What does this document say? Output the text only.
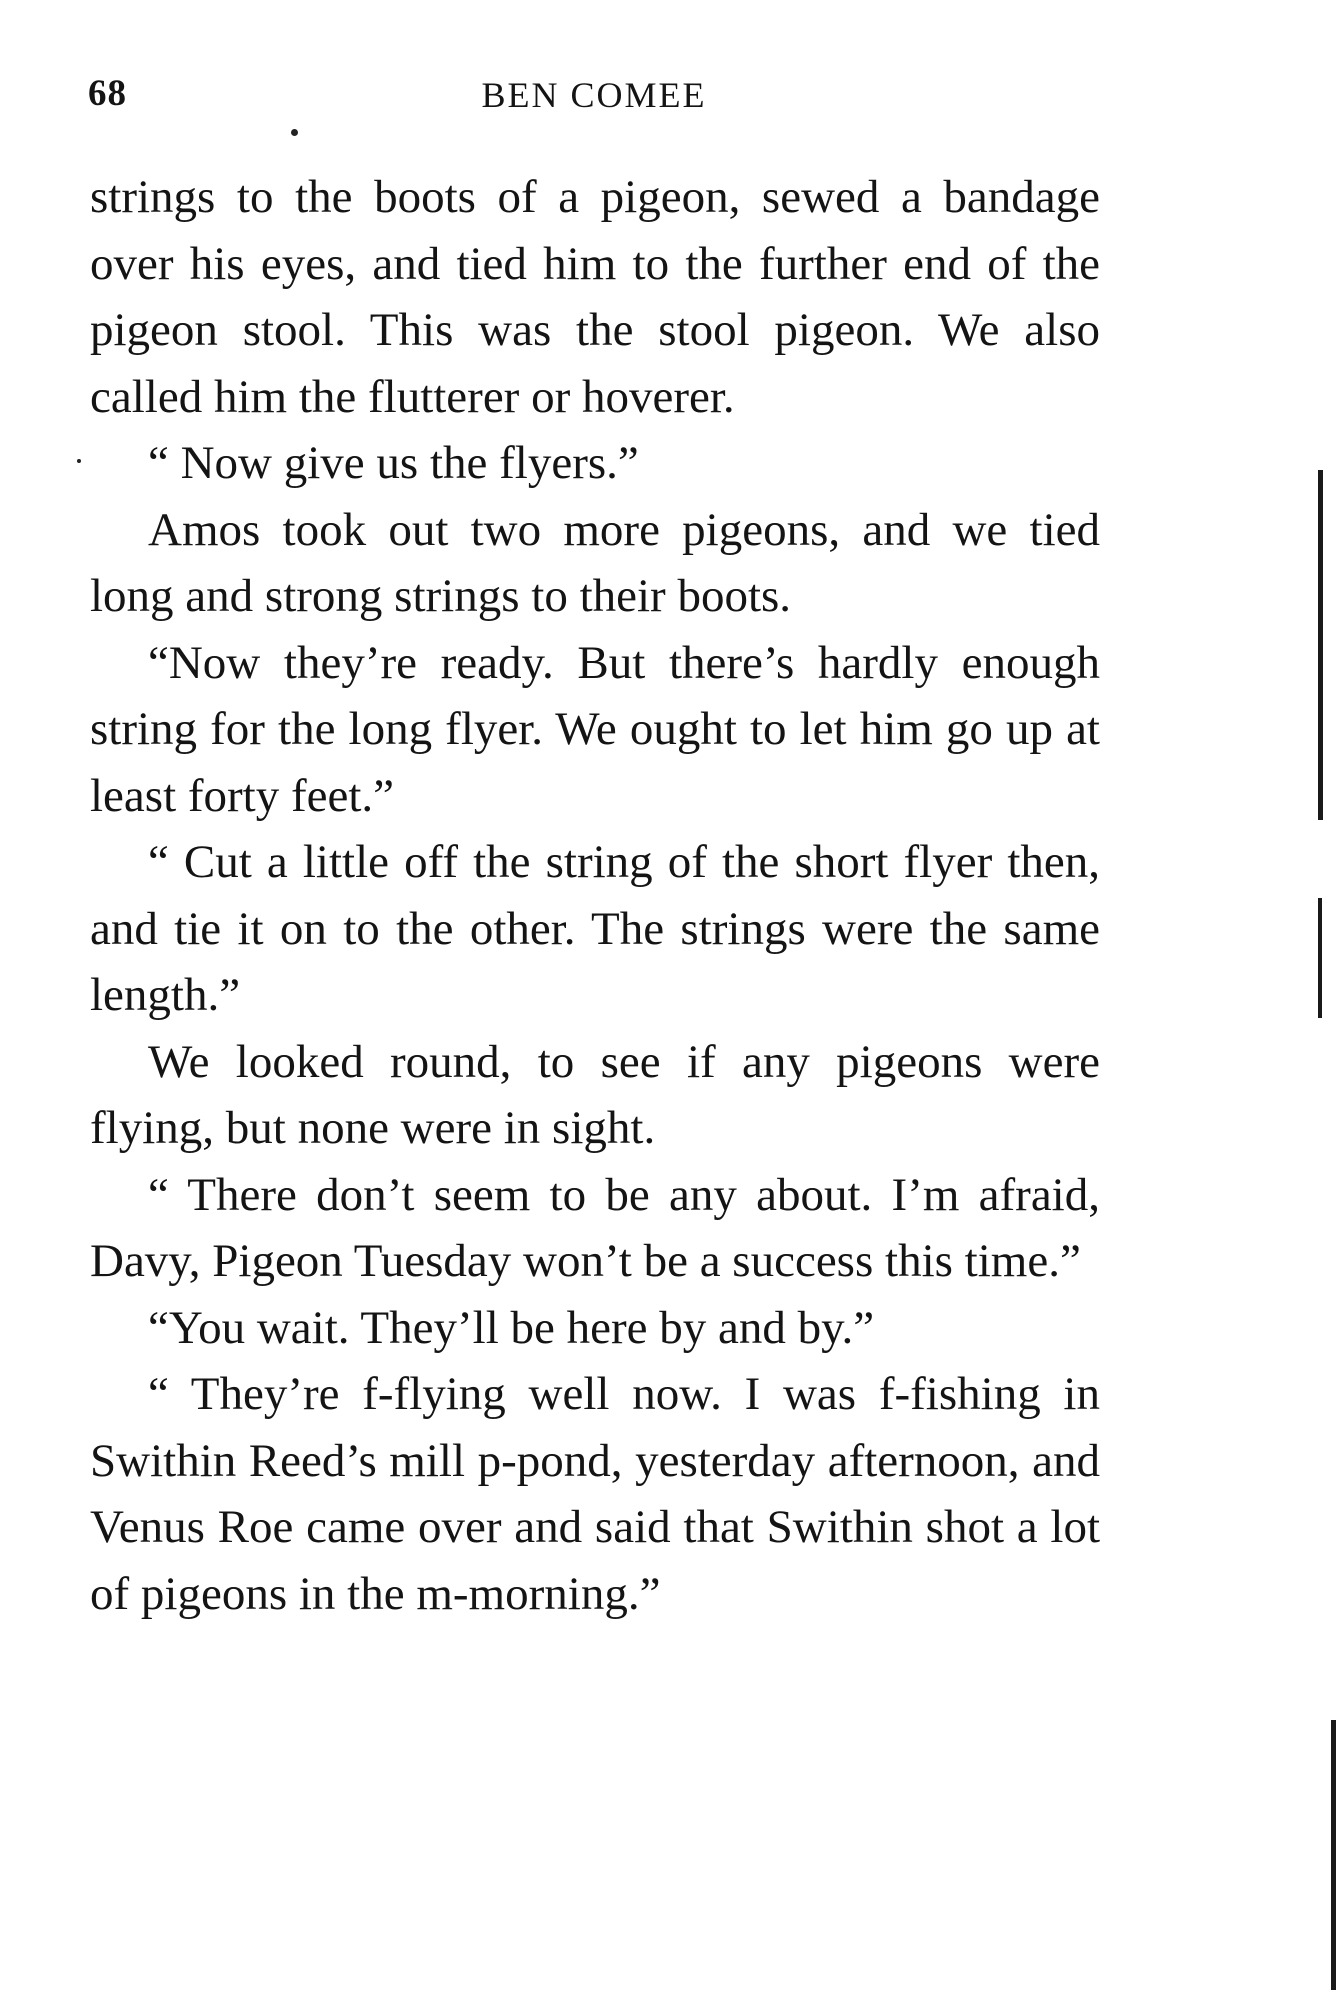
68	BEN COMEE

strings to the boots of a pigeon, sewed a bandage over his eyes, and tied him to the further end of the pigeon stool. This was the stool pigeon. We also called him the flutterer or hoverer.

“ Now give us the flyers.”

Amos took out two more pigeons, and we tied long and strong strings to their boots.

“Now they’re ready. But there’s hardly enough string for the long flyer. We ought to let him go up at least forty feet.”

“ Cut a little off the string of the short flyer then, and tie it on to the other. The strings were the same length.”

We looked round, to see if any pigeons were flying, but none were in sight.

“ There don’t seem to be any about. I’m afraid, Davy, Pigeon Tuesday won’t be a success this time.”

“You wait. They’ll be here by and by.”

“ They’re f-flying well now. I was f-fishing in Swithin Reed’s mill p-pond, yesterday afternoon, and Venus Roe came over and said that Swithin shot a lot of pigeons in the m-morning.”
